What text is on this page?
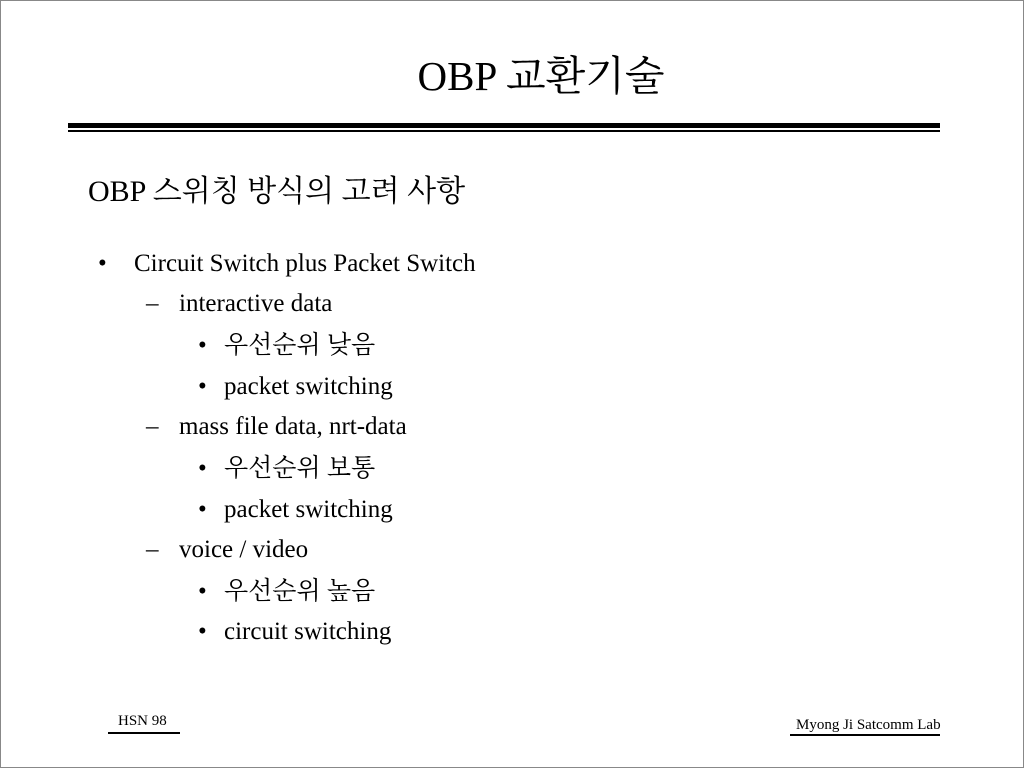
OBP 교환기술
OBP 스위칭 방식의 고려 사항
• Circuit Switch plus Packet Switch
– interactive data
• 우선순위 낮음
• packet switching
– mass file data, nrt-data
• 우선순위 보통
• packet switching
– voice / video
• 우선순위 높음
• circuit switching
HSN 98	Myong Ji Satcomm Lab
